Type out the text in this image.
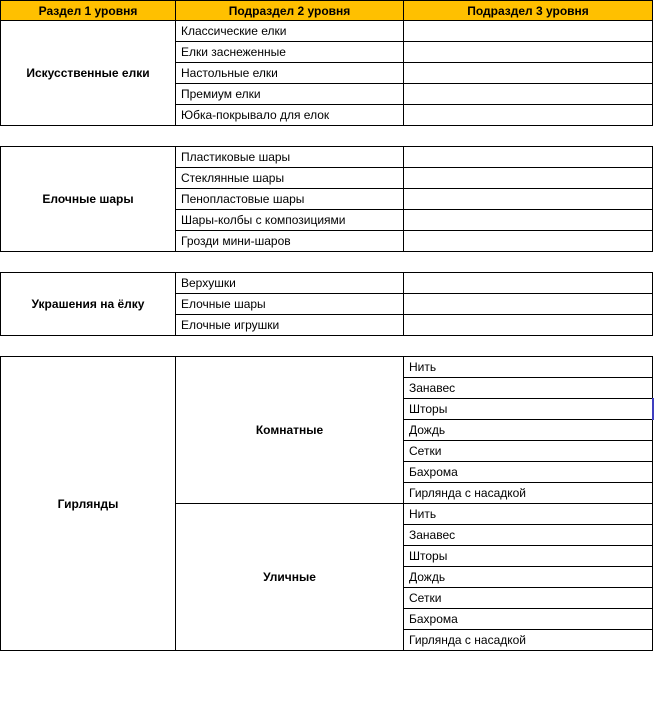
Раздел 1 уровня	Подраздел 2 уровня	Подраздел 3 уровня	
Искусственные елки	Классические елки		
	Елки заснеженные		
	Настольные елки		
	Премиум елки		
	Юбка-покрывало для елок		

Елочные шары	Пластиковые шары		
	Стеклянные шары		
	Пенопластовые шары		
	Шары-колбы с композициями		
	Грозди мини-шаров		

Украшения на ёлку	Верхушки		
	Елочные шары		
	Елочные игрушки		

Гирлянды	Комнатные	Нить	
		Занавес	
		Шторы	
		Дождь	
		Сетки	
		Бахрома	
		Гирлянда с насадкой	
	Уличные	Нить	
		Занавес	
		Шторы	
		Дождь	
		Сетки	
		Бахрома	
		Гирлянда с насадкой	
